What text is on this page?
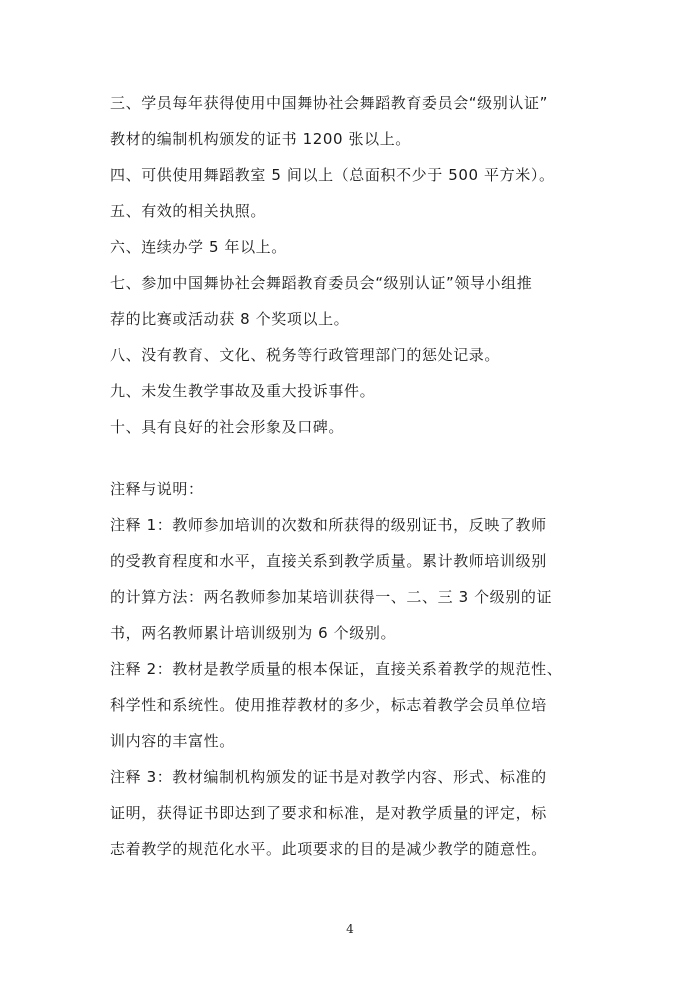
三、学员每年获得使用中国舞协社会舞蹈教育委员会“级别认证”

教材的编制机构颁发的证书 1200 张以上。

四、可供使用舞蹈教室 5 间以上（总面积不少于 500 平方米）。

五、有效的相关执照。

六、连续办学 5 年以上。

七、参加中国舞协社会舞蹈教育委员会“级别认证”领导小组推

荐的比赛或活动获 8 个奖项以上。

八、没有教育、文化、税务等行政管理部门的惩处记录。

九、未发生教学事故及重大投诉事件。

十、具有良好的社会形象及口碑。

注释与说明：

注释 1：教师参加培训的次数和所获得的级别证书，反映了教师

的受教育程度和水平，直接关系到教学质量。累计教师培训级别

的计算方法：两名教师参加某培训获得一、二、三 3 个级别的证

书，两名教师累计培训级别为 6 个级别。

注释 2：教材是教学质量的根本保证，直接关系着教学的规范性、

科学性和系统性。使用推荐教材的多少，标志着教学会员单位培

训内容的丰富性。

注释 3：教材编制机构颁发的证书是对教学内容、形式、标准的

证明，获得证书即达到了要求和标准，是对教学质量的评定，标

志着教学的规范化水平。此项要求的目的是减少教学的随意性。

4
